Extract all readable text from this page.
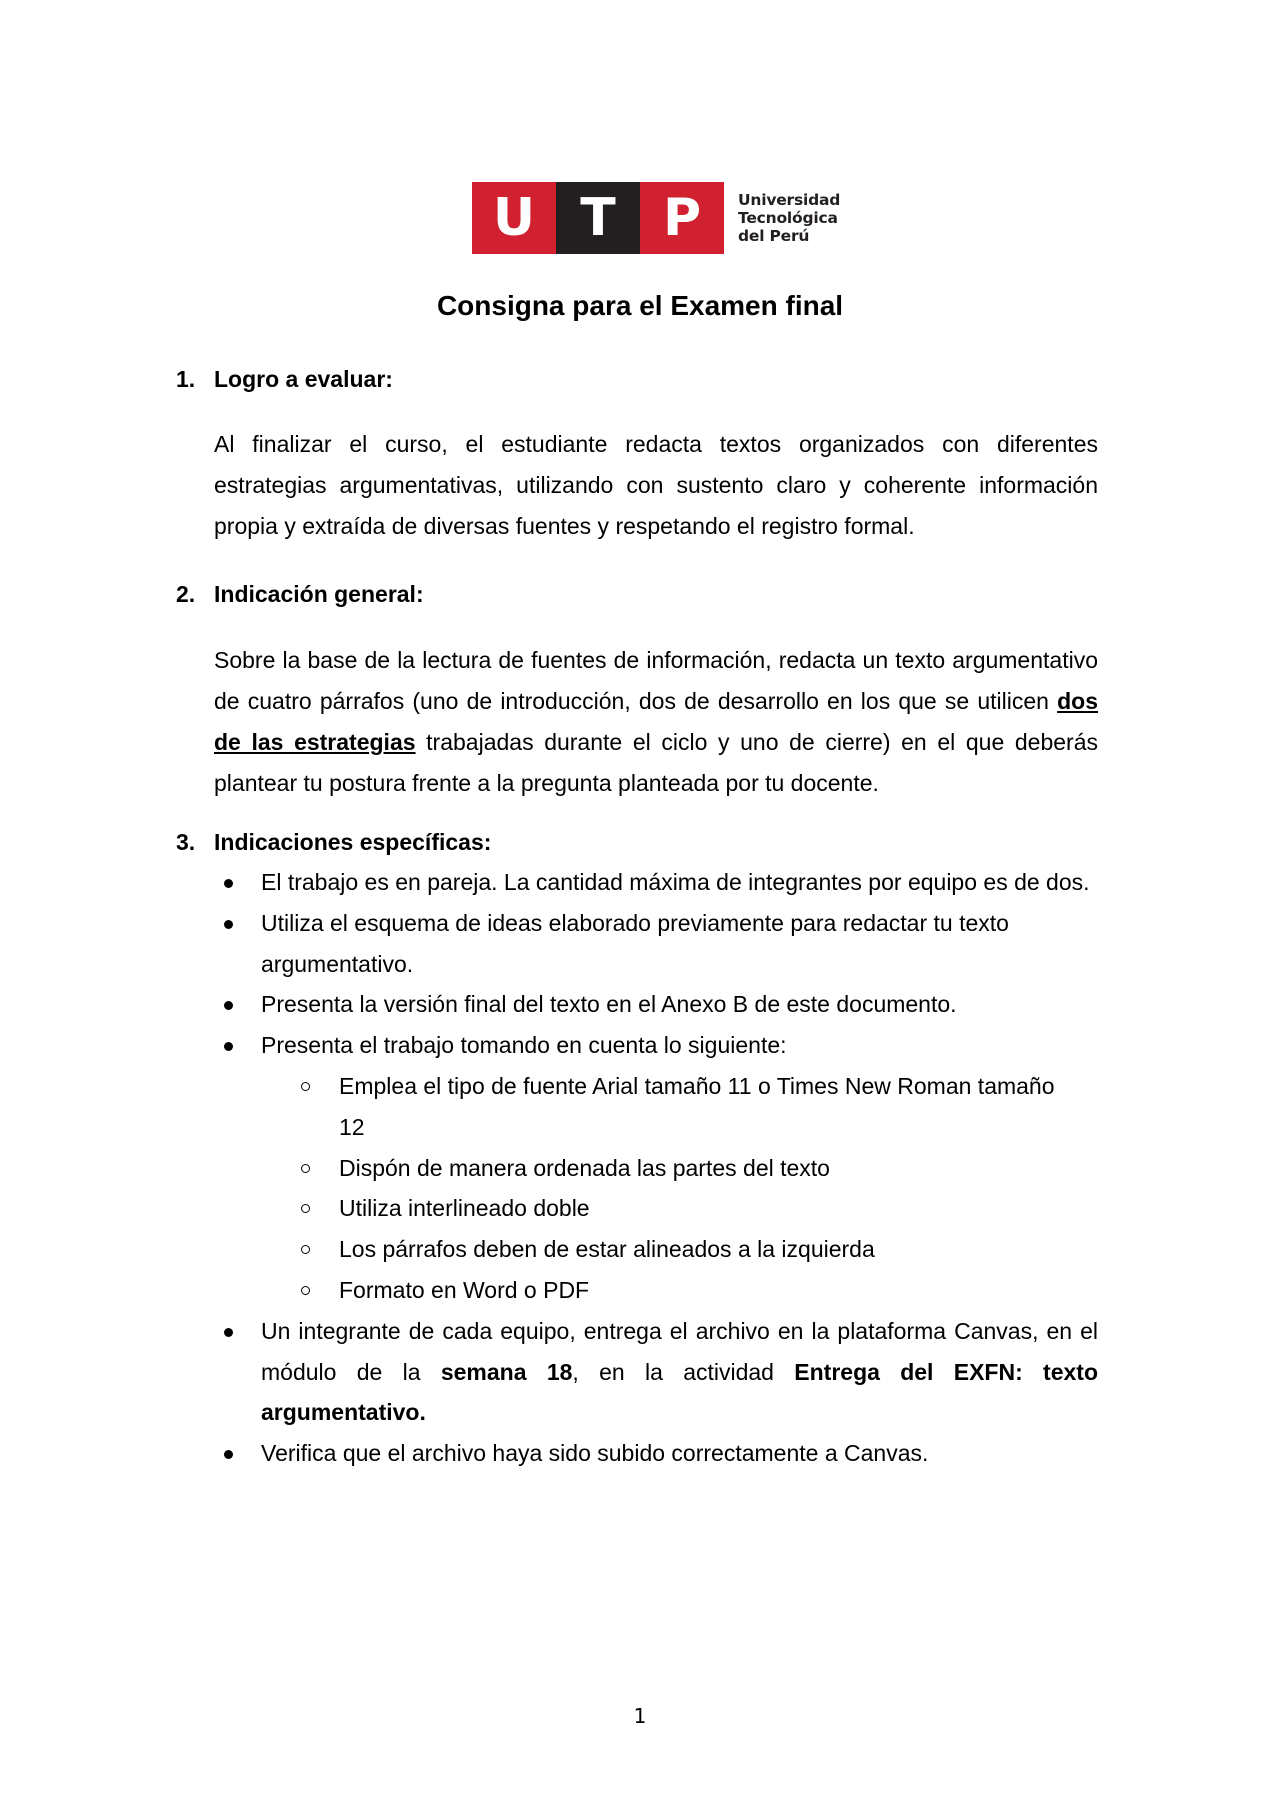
U T P	Universidad
Tecnológica
del Perú
Consigna para el Examen final
1. Logro a evaluar:

Al finalizar el curso, el estudiante redacta textos organizados con diferentes estrategias argumentativas, utilizando con sustento claro y coherente información propia y extraída de diversas fuentes y respetando el registro formal.

2. Indicación general:

Sobre la base de la lectura de fuentes de información, redacta un texto argumentativo de cuatro párrafos (uno de introducción, dos de desarrollo en los que se utilicen dos de las estrategias trabajadas durante el ciclo y uno de cierre) en el que deberás plantear tu postura frente a la pregunta planteada por tu docente.

3. Indicaciones específicas:
El trabajo es en pareja. La cantidad máxima de integrantes por equipo es de dos.
Utiliza el esquema de ideas elaborado previamente para redactar tu texto argumentativo.
Presenta la versión final del texto en el Anexo B de este documento.
Presenta el trabajo tomando en cuenta lo siguiente:
Emplea el tipo de fuente Arial tamaño 11 o Times New Roman tamaño 12
Dispón de manera ordenada las partes del texto
Utiliza interlineado doble
Los párrafos deben de estar alineados a la izquierda
Formato en Word o PDF
Un integrante de cada equipo, entrega el archivo en la plataforma Canvas, en el módulo de la semana 18, en la actividad Entrega del EXFN: texto argumentativo.
Verifica que el archivo haya sido subido correctamente a Canvas.
1
